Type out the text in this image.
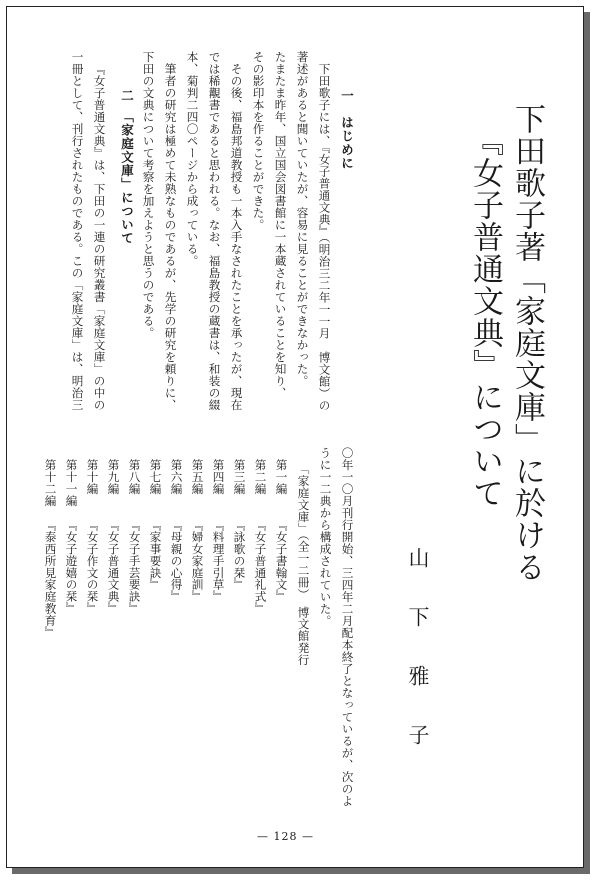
下田歌子著「家庭文庫」に於ける
『女子普通文典』について
山下雅子
一　はじめに
下田歌子には、『女子普通文典』（明治三二年一一月　博文館）の
著述があると聞いていたが、容易に見ることができなかった。
たまたま昨年、国立国会図書館に一本蔵されていることを知り、
その影印本を作ることができた。
その後、福島邦道教授も一本入手なされたことを承ったが、現在
では稀覯書であると思われる。なお、福島教授の蔵書は、和装の綴
本、菊判二四〇ページから成っている。
筆者の研究は極めて未熟なものであるが、先学の研究を頼りに、
下田の文典について考察を加えようと思うのである。
二　「家庭文庫」について
『女子普通文典』は、下田の一連の研究叢書「家庭文庫」の中の
一冊として、刊行されたものである。この「家庭文庫」は、明治三
〇年一〇月刊行開始、三四年二月配本終了となっているが、次のよ
うに一二典から構成されていた。
「家庭文庫」（全一二冊）　博文館発行
第一編
『女子書翰文』
第二編
『女子普通礼式』
第三編
『詠歌の栞』
第四編
『料理手引草』
第五編
『婦女家庭訓』
第六編
『母親の心得』
第七編
『家事要訣』
第八編
『女子手芸要訣』
第九編
『女子普通文典』
第十編
『女子作文の栞』
第十一編
『女子遊嬉の栞』
第十二編
『泰西所見家庭教育』
— 128 —
